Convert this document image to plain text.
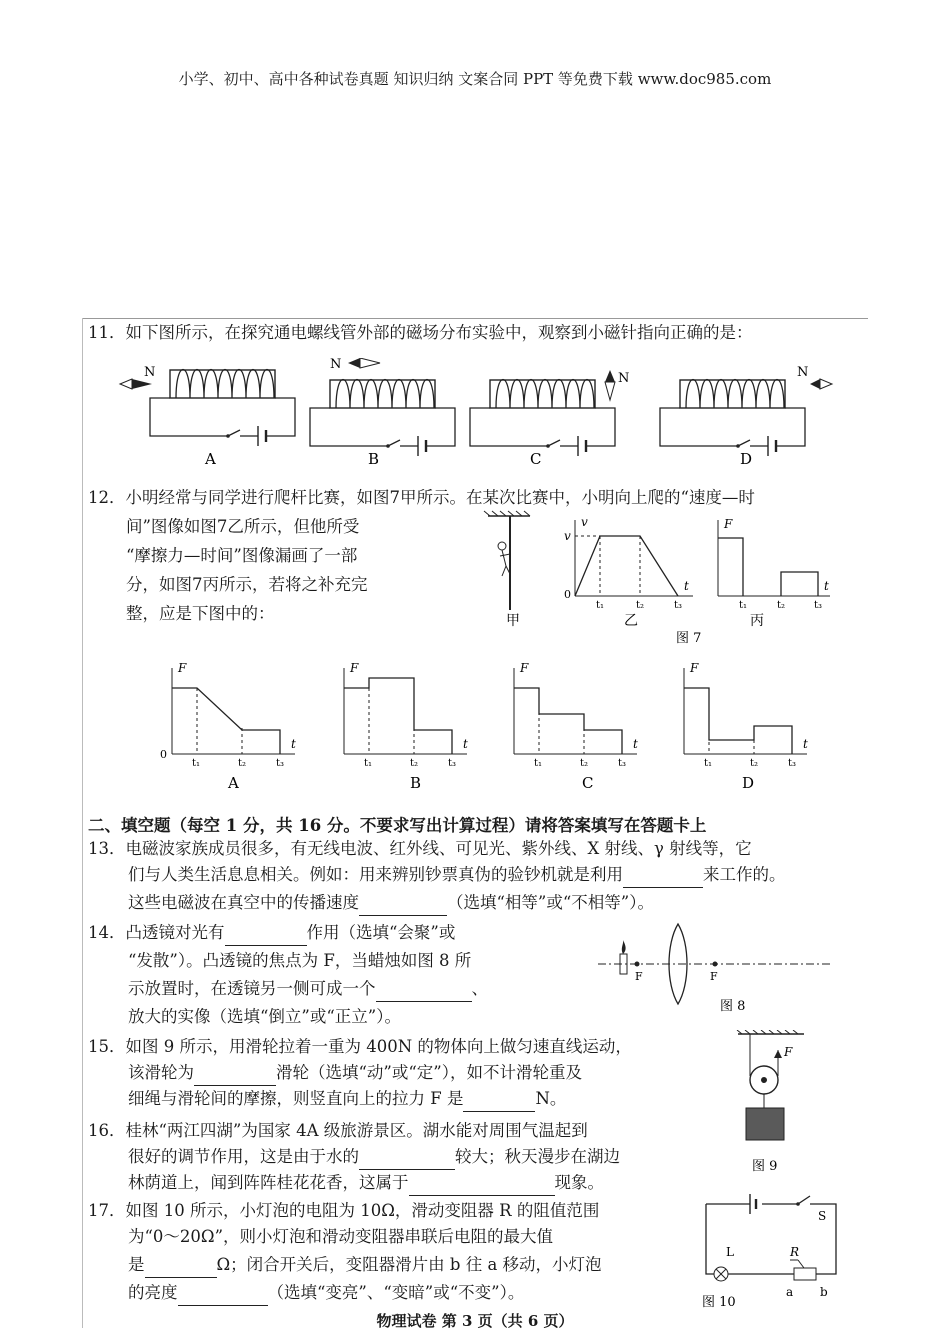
小学、初中、高中各种试卷真题 知识归纳 文案合同 PPT 等免费下载 www.doc985.com
11．如下图所示，在探究通电螺线管外部的磁场分布实验中，观察到小磁针指向正确的是：
N
N
N	N
A	B	C	D
12．小明经常与同学进行爬杆比赛，如图7甲所示。在某次比赛中，小明向上爬的“速度—时
间”图像如图7乙所示，但他所受
“摩擦力—时间”图像漏画了一部
分，如图7丙所示，若将之补充完
整，应是下图中的：	甲
v
v
0
t₁	t₂	t₃
t
乙
F
t₁	t₂	t₃
t
丙
图 7
F
0
t₁	t₂	t₃
t
A
F
t₁	t₂	t₃
t
B
F
t₁	t₂	t₃
t
C
F
t₁	t₂	t₃
t
D
二、填空题（每空 1 分，共 16 分。不要求写出计算过程）请将答案填写在答题卡上
13．电磁波家族成员很多，有无线电波、红外线、可见光、紫外线、X 射线、γ 射线等，它
们与人类生活息息相关。例如：用来辨别钞票真伪的验钞机就是利用	来工作的。
这些电磁波在真空中的传播速度	（选填“相等”或“不相等”）。
14．凸透镜对光有	作用（选填“会聚”或
“发散”）。凸透镜的焦点为 F，当蜡烛如图 8 所
示放置时，在透镜另一侧可成一个	、
放大的实像（选填“倒立”或“正立”）。
F	F
图 8
15．如图 9 所示，用滑轮拉着一重为 400N 的物体向上做匀速直线运动，
该滑轮为	滑轮（选填“动”或“定”），如不计滑轮重及
细绳与滑轮间的摩擦，则竖直向上的拉力 F 是	N。
16．桂林“两江四湖”为国家 4A 级旅游景区。湖水能对周围气温起到
很好的调节作用，这是由于水的	较大；秋天漫步在湖边
林荫道上，闻到阵阵桂花花香，这属于	现象。
F
图 9
17．如图 10 所示，小灯泡的电阻为 10Ω，滑动变阻器 R 的阻值范围
为“0～20Ω”，则小灯泡和滑动变阻器串联后电阻的最大值
是	Ω；闭合开关后，变阻器滑片由 b 往 a 移动，小灯泡
的亮度	（选填“变亮”、“变暗”或“不变”）。
S
L	R
a b
图 10
物理试卷 第 3 页（共 6 页）
